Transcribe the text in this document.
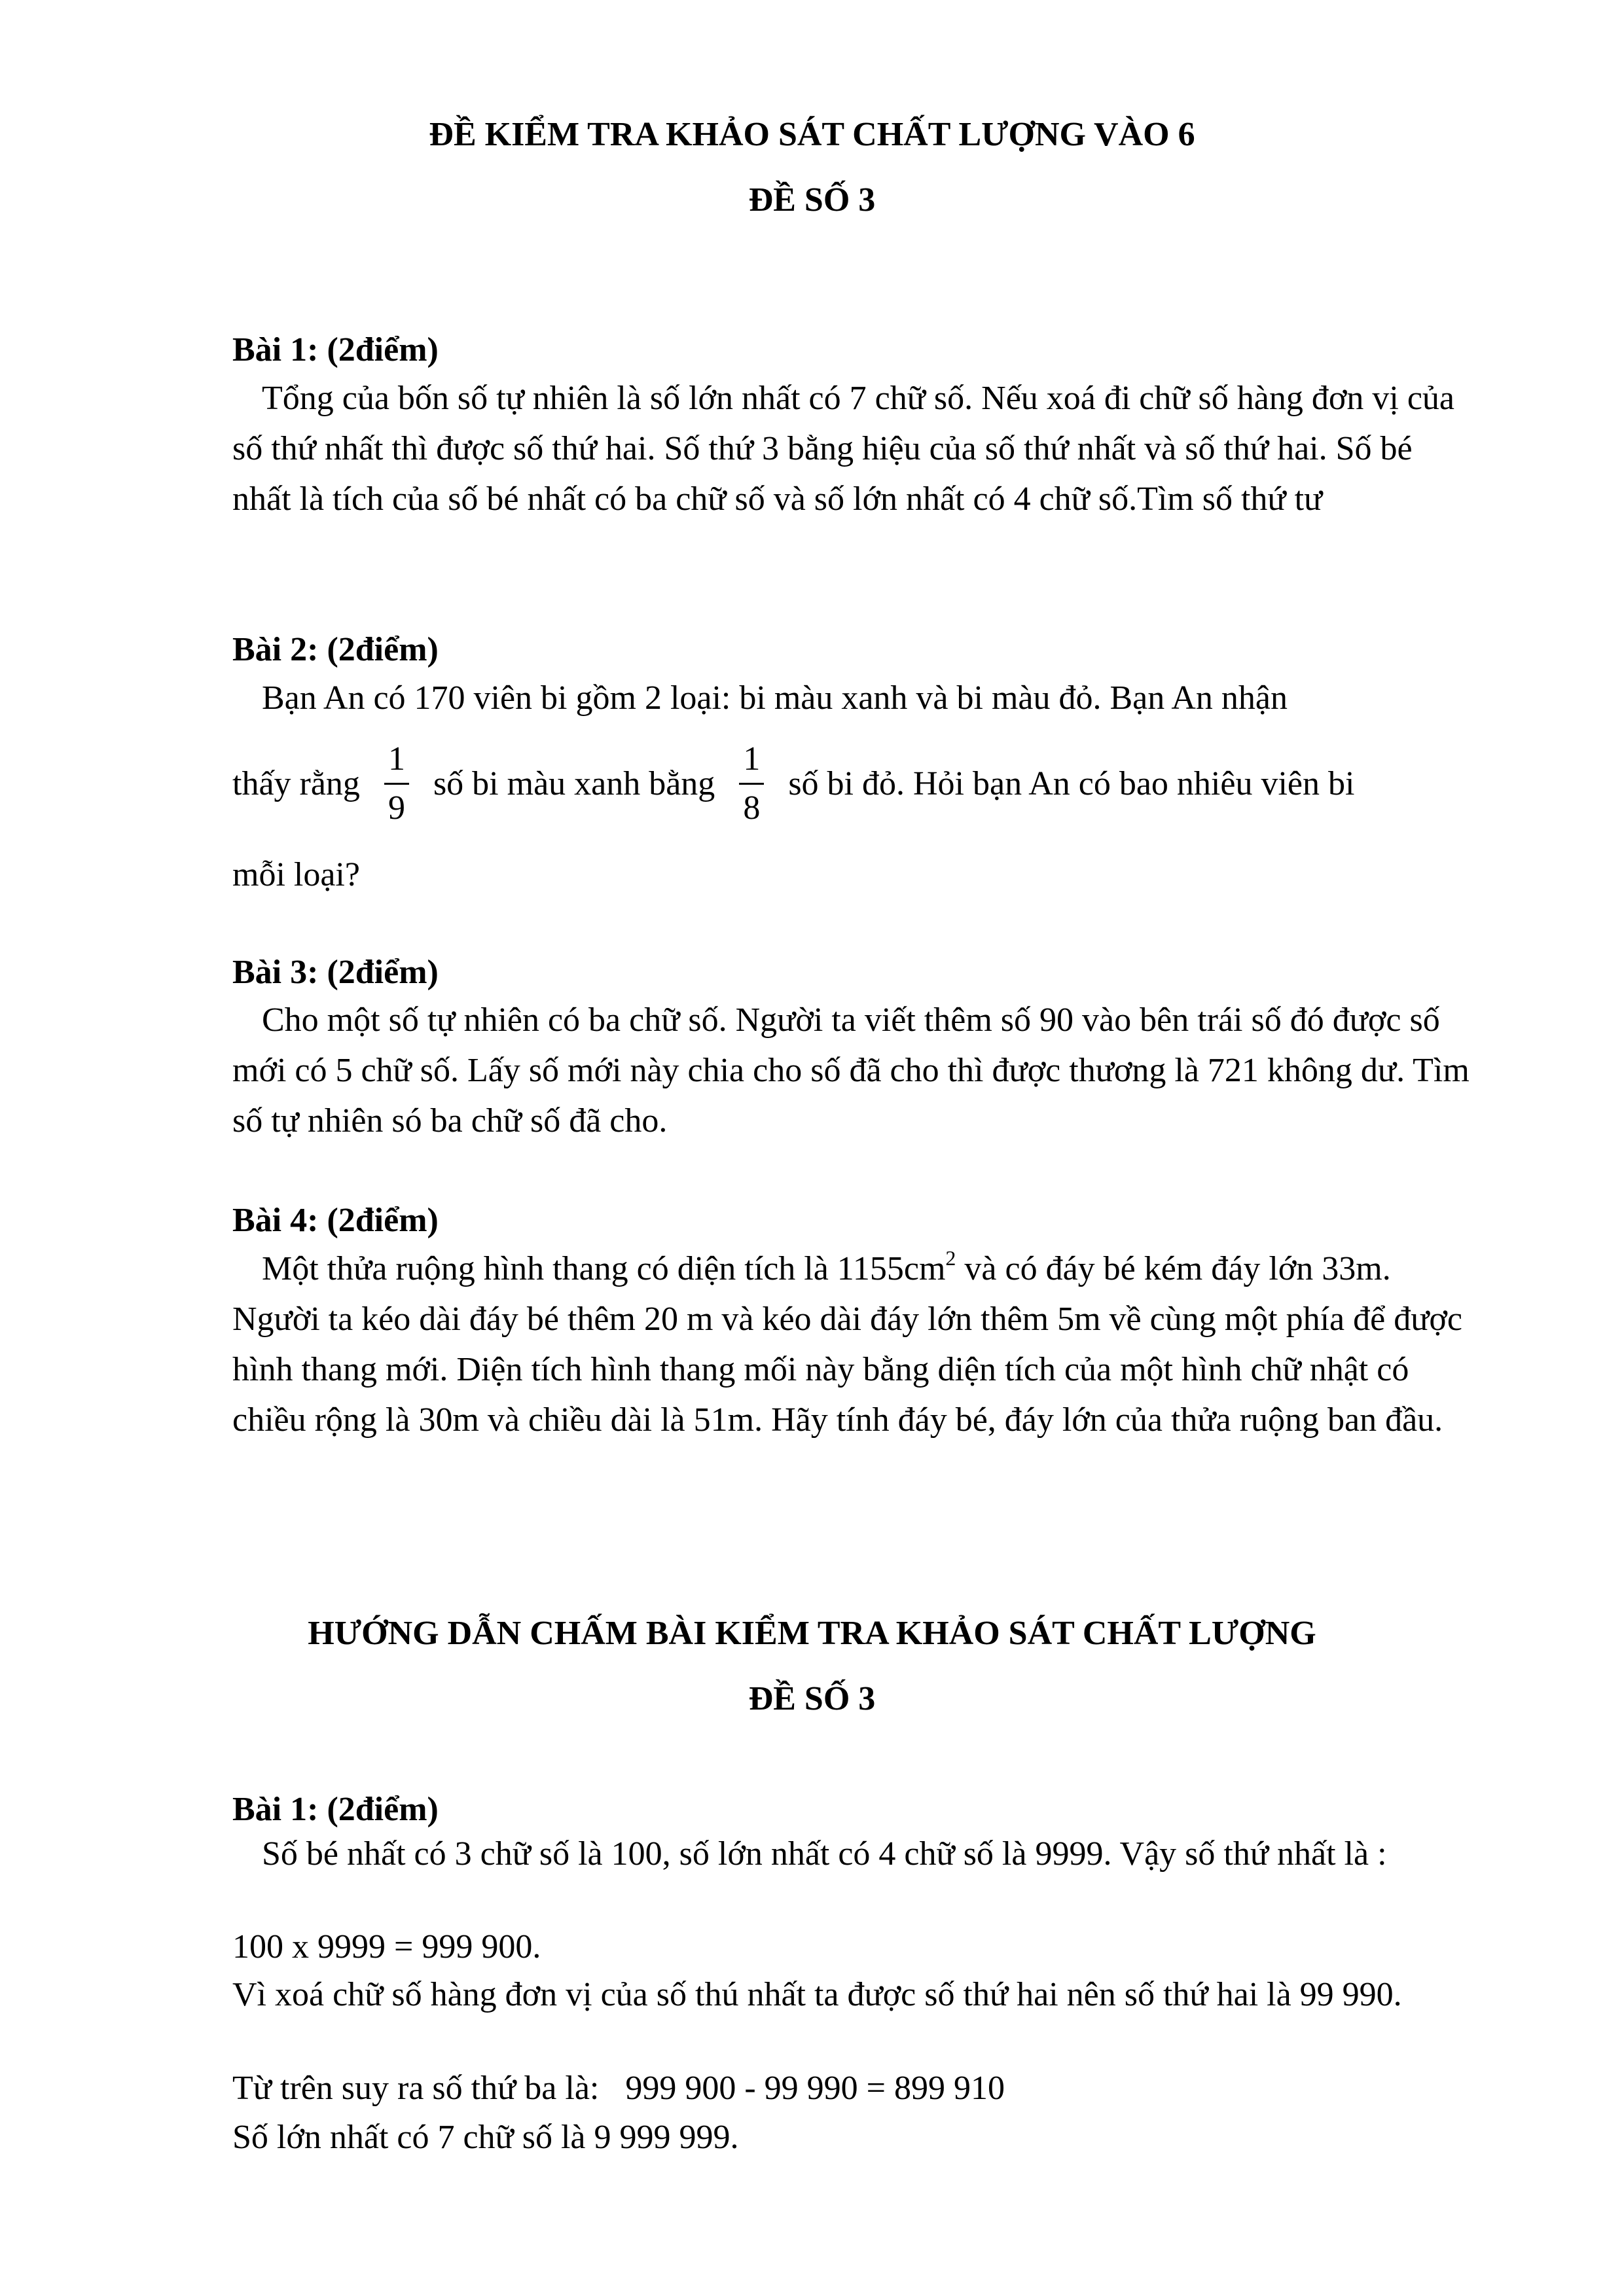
ĐỀ KIỂM TRA KHẢO SÁT CHẤT LƯỢNG VÀO 6

ĐỀ SỐ 3

Bài 1: (2điểm)

Tổng của bốn số tự nhiên là số lớn nhất có 7 chữ số. Nếu xoá đi chữ số hàng đơn vị của số thứ nhất thì được số thứ hai. Số thứ 3 bằng hiệu của số thứ nhất và số thứ hai. Số bé nhất là tích của số bé nhất có ba chữ số và số lớn nhất có 4 chữ số.Tìm số thứ tư

Bài 2: (2điểm)

Bạn An có 170 viên bi gồm 2 loại: bi màu xanh và bi màu đỏ. Bạn An nhận

thấy rằng $\frac{1}{9}$ số bi màu xanh bằng $\frac{1}{8}$ số bi đỏ. Hỏi bạn An có bao nhiêu viên bi

mỗi loại?

Bài 3: (2điểm)

Cho một số tự nhiên có ba chữ số. Người ta viết thêm số 90 vào bên trái số đó được số mới có 5 chữ số. Lấy số mới này chia cho số đã cho thì được thương là 721 không dư. Tìm số tự nhiên só ba chữ số đã cho.

Bài 4: (2điểm)

Một thửa ruộng hình thang có diện tích là $1155cm^2$ và có đáy bé kém đáy lớn 33m. Người ta kéo dài đáy bé thêm 20 m và kéo dài đáy lớn thêm 5m về cùng một phía để được hình thang mới. Diện tích hình thang mối này bằng diện tích của một hình chữ nhật có chiều rộng là 30m và chiều dài là 51m. Hãy tính đáy bé, đáy lớn của thửa ruộng ban đầu.

HƯỚNG DẪN CHẤM BÀI KIỂM TRA KHẢO SÁT CHẤT LƯỢNG

ĐỀ SỐ 3

Bài 1: (2điểm)

Số bé nhất có 3 chữ số là 100, số lớn nhất có 4 chữ số là 9999. Vậy số thứ nhất là :

100 x 9999 = 999 900.

Vì xoá chữ số hàng đơn vị của số thú nhất ta được số thứ hai nên số thứ hai là 99 990.

Từ trên suy ra số thứ ba là: 999 900 - 99 990 = 899 910

Số lớn nhất có 7 chữ số là 9 999 999.
